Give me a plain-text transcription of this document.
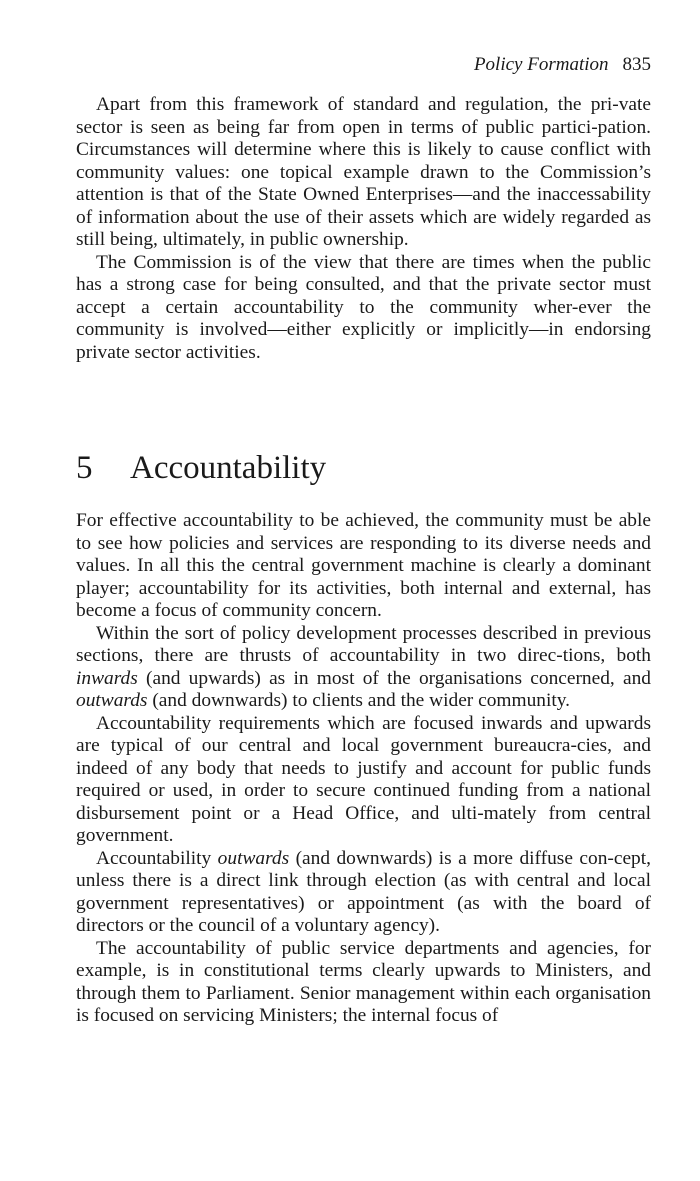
Policy Formation 835

Apart from this framework of standard and regulation, the pri-vate sector is seen as being far from open in terms of public partici-pation. Circumstances will determine where this is likely to cause conflict with community values: one topical example drawn to the Commission’s attention is that of the State Owned Enterprises—and the inaccessability of information about the use of their assets which are widely regarded as still being, ultimately, in public ownership.

The Commission is of the view that there are times when the public has a strong case for being consulted, and that the private sector must accept a certain accountability to the community wher-ever the community is involved—either explicitly or implicitly—in endorsing private sector activities.

5 Accountability

For effective accountability to be achieved, the community must be able to see how policies and services are responding to its diverse needs and values. In all this the central government machine is clearly a dominant player; accountability for its activities, both internal and external, has become a focus of community concern.

Within the sort of policy development processes described in previous sections, there are thrusts of accountability in two direc-tions, both inwards (and upwards) as in most of the organisations concerned, and outwards (and downwards) to clients and the wider community.

Accountability requirements which are focused inwards and upwards are typical of our central and local government bureaucra-cies, and indeed of any body that needs to justify and account for public funds required or used, in order to secure continued funding from a national disbursement point or a Head Office, and ulti-mately from central government.

Accountability outwards (and downwards) is a more diffuse con-cept, unless there is a direct link through election (as with central and local government representatives) or appointment (as with the board of directors or the council of a voluntary agency).

The accountability of public service departments and agencies, for example, is in constitutional terms clearly upwards to Ministers, and through them to Parliament. Senior management within each organisation is focused on servicing Ministers; the internal focus of
